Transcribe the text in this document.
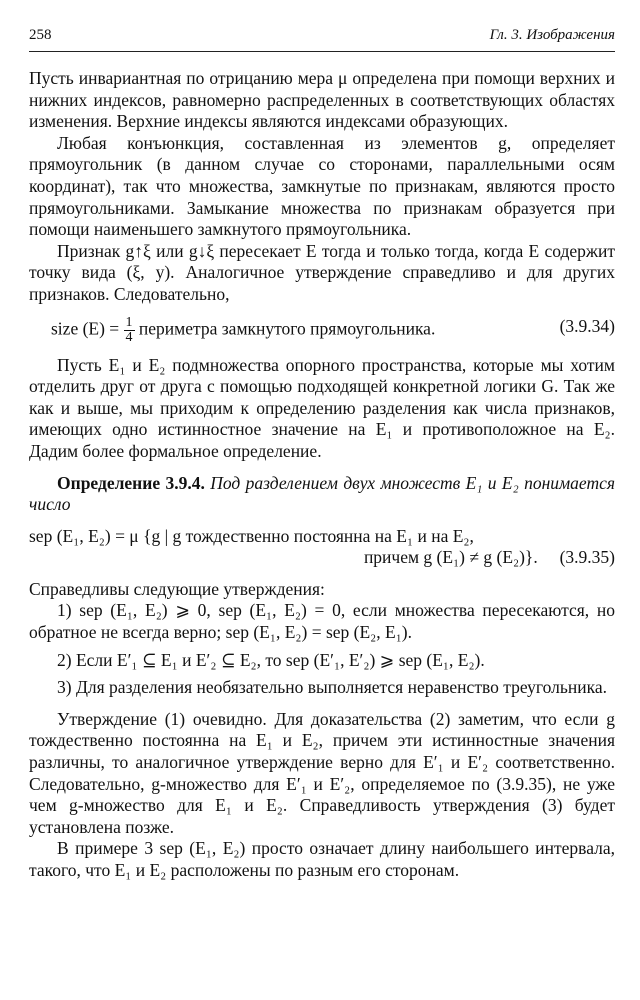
258	Гл. 3. Изображения

Пусть инвариантная по отрицанию мера μ определена при помощи верхних и нижних индексов, равномерно распределенных в соответствующих областях изменения. Верхние индексы являются индексами образующих.

Любая конъюнкция, составленная из элементов g, определяет прямоугольник (в данном случае со сторонами, параллельными осям координат), так что множества, замкнутые по признакам, являются просто прямоугольниками. Замыкание множества по признакам образуется при помощи наименьшего замкнутого прямоугольника.

Признак g↑ξ или g↓ξ пересекает E тогда и только тогда, когда E содержит точку вида (ξ, y). Аналогичное утверждение справедливо и для других признаков. Следовательно,

size $(E) = \frac{1}{4}$ периметра замкнутого прямоугольника.	(3.9.34)

Пусть E₁ и E₂ подмножества опорного пространства, которые мы хотим отделить друг от друга с помощью подходящей конкретной логики G. Так же как и выше, мы приходим к определению разделения как числа признаков, имеющих одно истинностное значение на E₁ и противоположное на E₂. Дадим более формальное определение.

Определение 3.9.4. Под разделением двух множеств E₁ и E₂ понимается число

sep (E₁, E₂) = μ {g | g тождественно постоянна на E₁ и на E₂,
причем g (E₁) ≠ g (E₂)}. (3.9.35)

Справедливы следующие утверждения:

1) sep (E₁, E₂) ⩾ 0, sep (E₁, E₂) = 0, если множества пересекаются, но обратное не всегда верно; sep (E₁, E₂) = sep (E₂, E₁).

2) Если E′₁ ⊆ E₁ и E′₂ ⊆ E₂, то sep (E′₁, E′₂) ⩾ sep (E₁, E₂).

3) Для разделения необязательно выполняется неравенство треугольника.

Утверждение (1) очевидно. Для доказательства (2) заметим, что если g тождественно постоянна на E₁ и E₂, причем эти истинностные значения различны, то аналогичное утверждение верно для E′₁ и E′₂ соответственно. Следовательно, g-множество для E′₁ и E′₂, определяемое по (3.9.35), не уже чем g-множество для E₁ и E₂. Справедливость утверждения (3) будет установлена позже.

В примере 3 sep (E₁, E₂) просто означает длину наибольшего интервала, такого, что E₁ и E₂ расположены по разным его сторонам.
